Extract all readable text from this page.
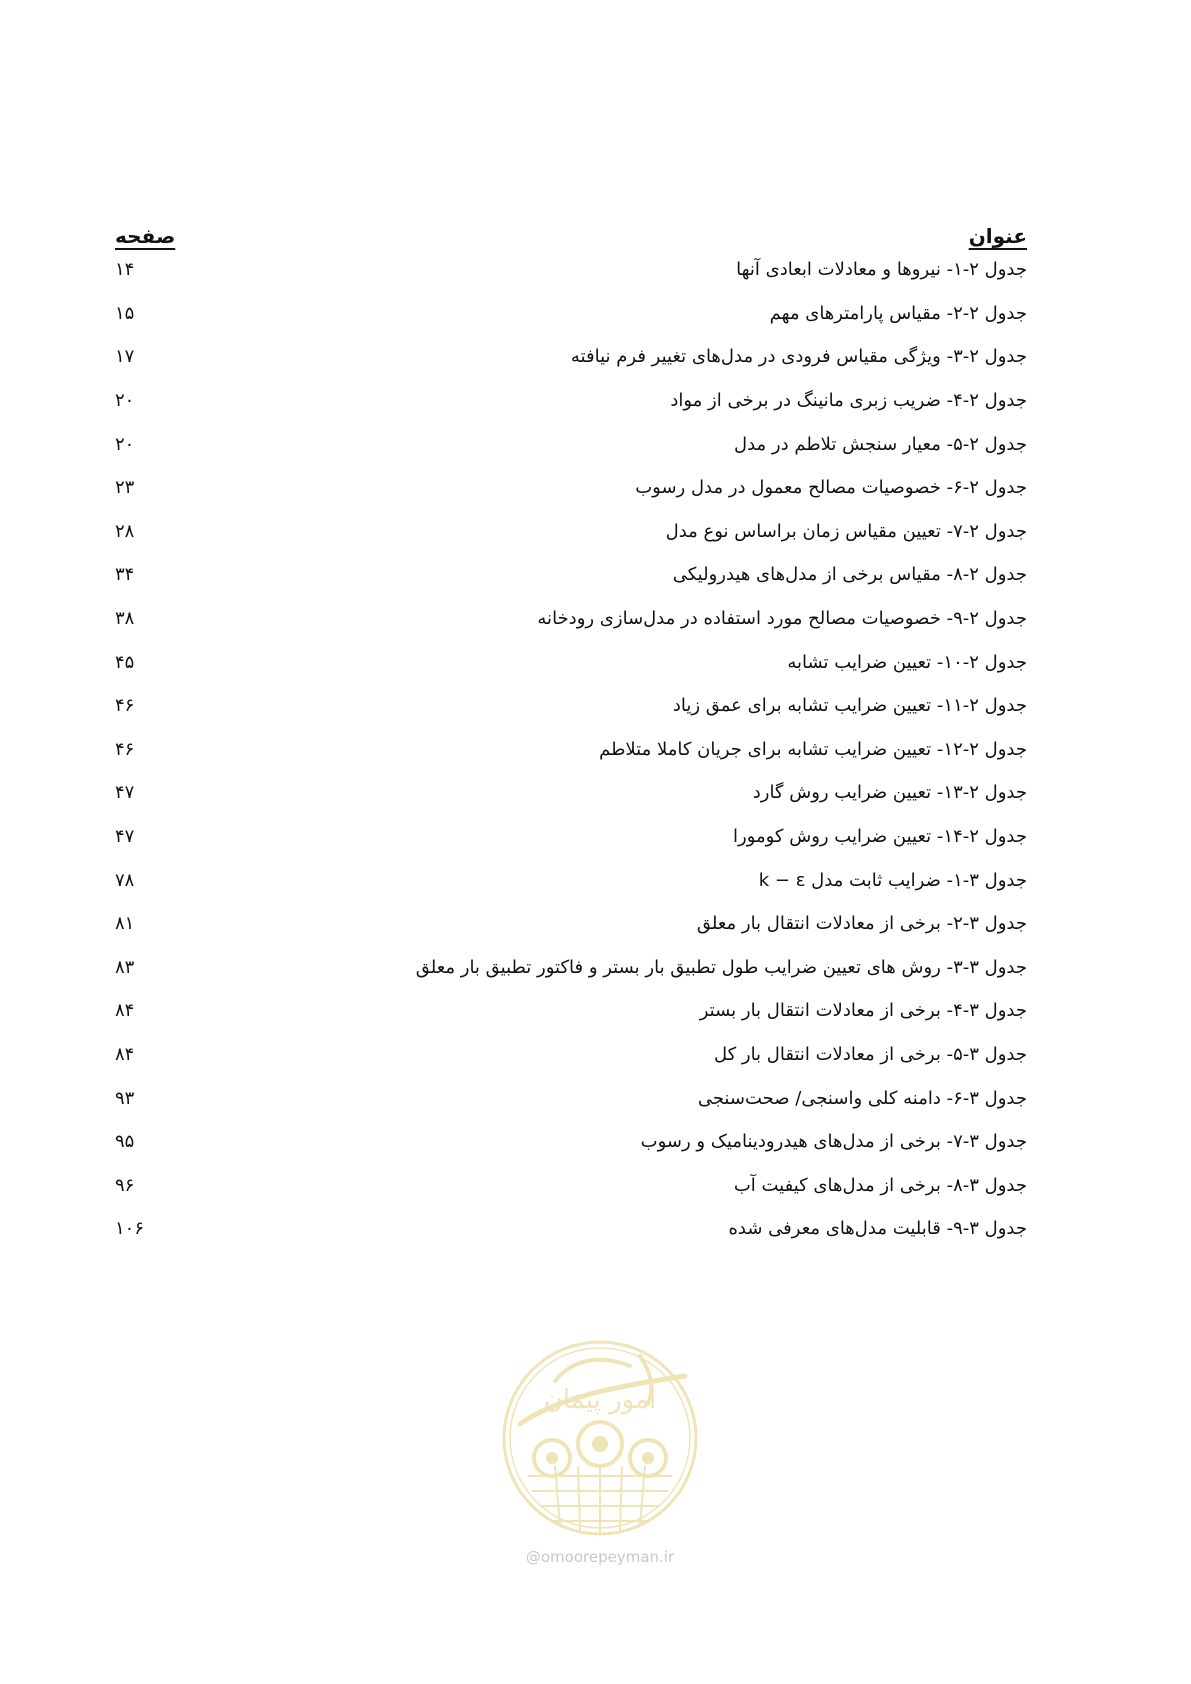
عنوان
صفحه
جدول ۲-۱- نیروها و معادلات ابعادی آنها
۱۴
جدول ۲-۲- مقیاس پارامترهای مهم
۱۵
جدول ۲-۳- ویژگی مقیاس فرودی در مدل‌های تغییر فرم نیافته
۱۷
جدول ۲-۴- ضریب زبری مانینگ در برخی از مواد
۲۰
جدول ۲-۵- معیار سنجش تلاطم در مدل
۲۰
جدول ۲-۶- خصوصیات مصالح معمول در مدل رسوب
۲۳
جدول ۲-۷- تعیین مقیاس زمان براساس نوع مدل
۲۸
جدول ۲-۸- مقیاس برخی از مدل‌های هیدرولیکی
۳۴
جدول ۲-۹- خصوصیات مصالح مورد استفاده در مدل‌سازی رودخانه
۳۸
جدول ۲-۱۰- تعیین ضرایب تشابه
۴۵
جدول ۲-۱۱- تعیین ضرایب تشابه برای عمق زیاد
۴۶
جدول ۲-۱۲- تعیین ضرایب تشابه برای جریان کاملا متلاطم
۴۶
جدول ۲-۱۳- تعیین ضرایب روش گارد
۴۷
جدول ۲-۱۴- تعیین ضرایب روش کومورا
۴۷
جدول ۳-۱- ضرایب ثابت مدل k − ε
۷۸
جدول ۳-۲- برخی از معادلات انتقال بار معلق
۸۱
جدول ۳-۳- روش های تعیین ضرایب طول تطبیق بار بستر و فاکتور تطبیق بار معلق
۸۳
جدول ۳-۴- برخی از معادلات انتقال بار بستر
۸۴
جدول ۳-۵- برخی از معادلات انتقال بار کل
۸۴
جدول ۳-۶- دامنه کلی واسنجی/ صحت‌سنجی
۹۳
جدول ۳-۷- برخی از مدل‌های هیدرودینامیک و رسوب
۹۵
جدول ۳-۸- برخی از مدل‌های کیفیت آب
۹۶
جدول ۳-۹- قابلیت مدل‌های معرفی شده
۱۰۶
امور پیمان
@omoorepeyman.ir
